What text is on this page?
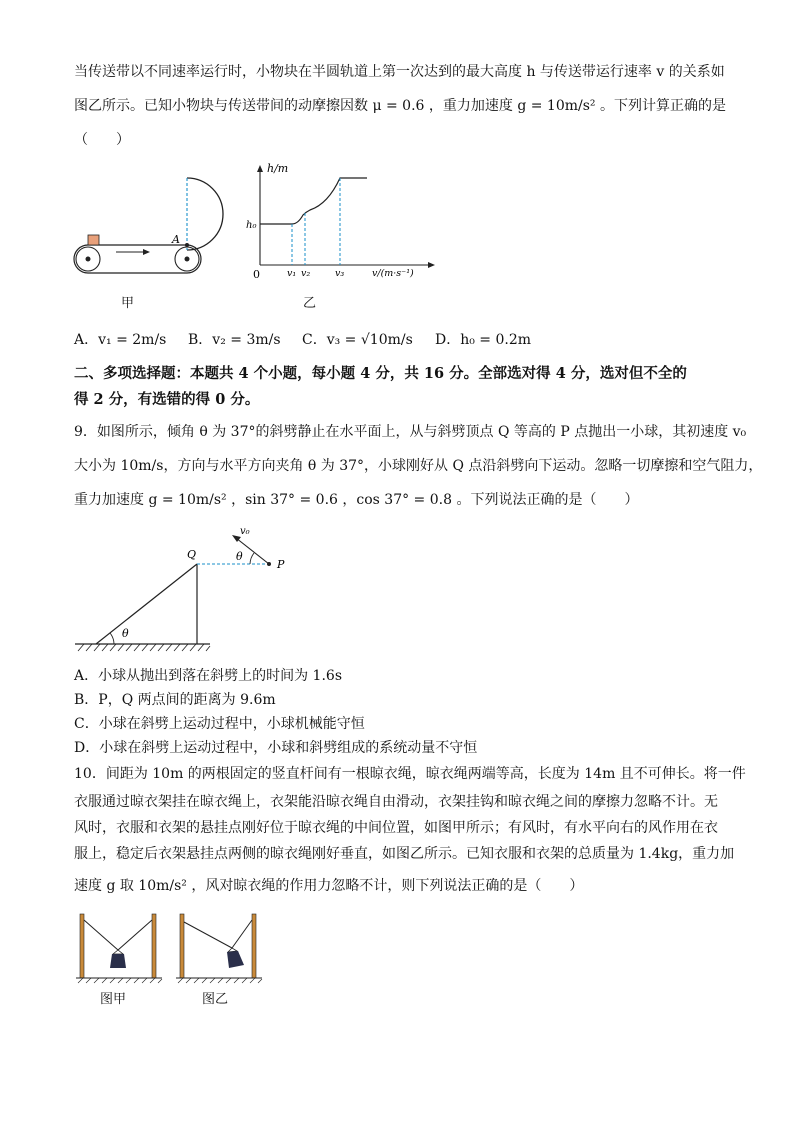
当传送带以不同速率运行时，小物块在半圆轨道上第一次达到的最大高度 h 与传送带运行速率 v 的关系如
图乙所示。已知小物块与传送带间的动摩擦因数 μ = 0.6 ，重力加速度 g = 10m/s² 。下列计算正确的是
（　　）
A
甲
h/m
h₀
0	v₁ v₂	v₃	v/(m·s⁻¹)
乙
A．v₁ = 2m/s B．v₂ = 3m/s C．v₃ = √10m/s D．h₀ = 0.2m
二、多项选择题：本题共 4 个小题，每小题 4 分，共 16 分。全部选对得 4 分，选对但不全的
得 2 分，有选错的得 0 分。
9．如图所示，倾角 θ 为 37°的斜劈静止在水平面上，从与斜劈顶点 Q 等高的 P 点抛出一小球，其初速度 v₀
大小为 10m/s，方向与水平方向夹角 θ 为 37°，小球刚好从 Q 点沿斜劈向下运动。忽略一切摩擦和空气阻力，
重力加速度 g = 10m/s² ，sin 37° = 0.6 ，cos 37° = 0.8 。下列说法正确的是（　　）
θ
θ
v₀
Q
P
A．小球从抛出到落在斜劈上的时间为 1.6s
B．P，Q 两点间的距离为 9.6m
C．小球在斜劈上运动过程中，小球机械能守恒
D．小球在斜劈上运动过程中，小球和斜劈组成的系统动量不守恒
10．间距为 10m 的两根固定的竖直杆间有一根晾衣绳，晾衣绳两端等高，长度为 14m 且不可伸长。将一件
衣服通过晾衣架挂在晾衣绳上，衣架能沿晾衣绳自由滑动，衣架挂钩和晾衣绳之间的摩擦力忽略不计。无
风时，衣服和衣架的悬挂点刚好位于晾衣绳的中间位置，如图甲所示；有风时，有水平向右的风作用在衣
服上，稳定后衣架悬挂点两侧的晾衣绳刚好垂直，如图乙所示。已知衣服和衣架的总质量为 1.4kg，重力加
速度 g 取 10m/s² ，风对晾衣绳的作用力忽略不计，则下列说法正确的是（　　）
图甲	图乙
